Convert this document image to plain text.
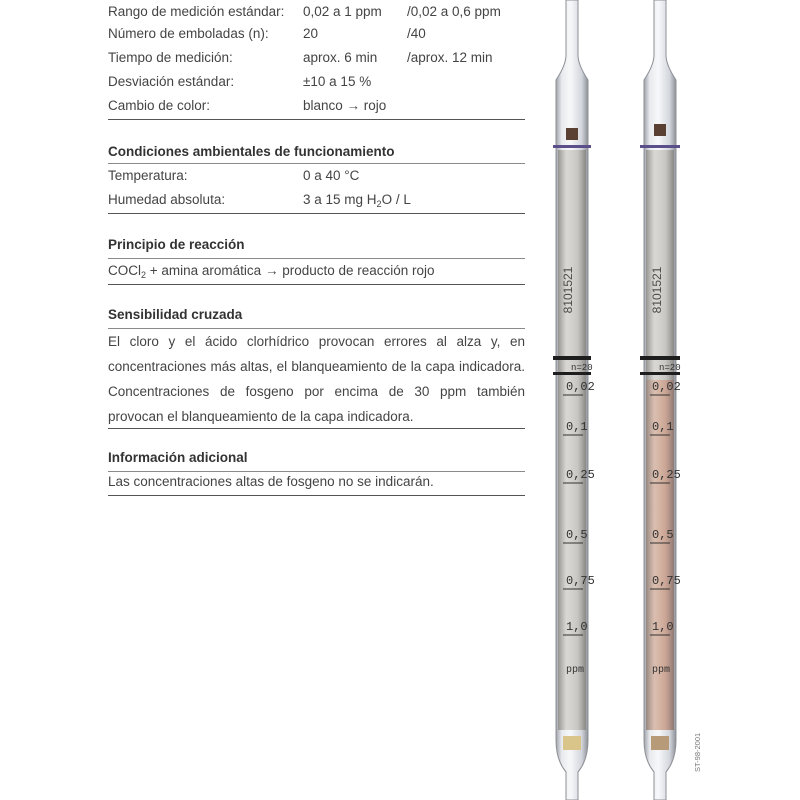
Rango de medición estándar: 0,02 a 1 ppm /0,02 a 0,6 ppm
Número de emboladas (n):	20	/40
Tiempo de medición:	aprox. 6 min /aprox. 12 min
Desviación estándar:	±10 a 15 %
Cambio de color:	blanco → rojo
Condiciones ambientales de funcionamiento
Temperatura:	0 a 40 °C
Humedad absoluta:	3 a 15 mg $H_2O$ / L
Principio de reacción
COCl$_2$ + amina aromática → producto de reacción rojo
Sensibilidad cruzada
El cloro y el ácido clorhídrico provocan errores al alza y, en concentraciones más altas, el blanqueamiento de la capa indicadora. Concentraciones de fosgeno por encima de 30 ppm también provocan el blanqueamiento de la capa indicadora.
Información adicional
Las concentraciones altas de fosgeno no se indicarán.
8101521
n=20
8101521
n=20
0,02
0,1
0,25
0,5
0,75
1,0
ppm
0,02
0,1
0,25
0,5
0,75
1,0
ppm
ST-98-2001
